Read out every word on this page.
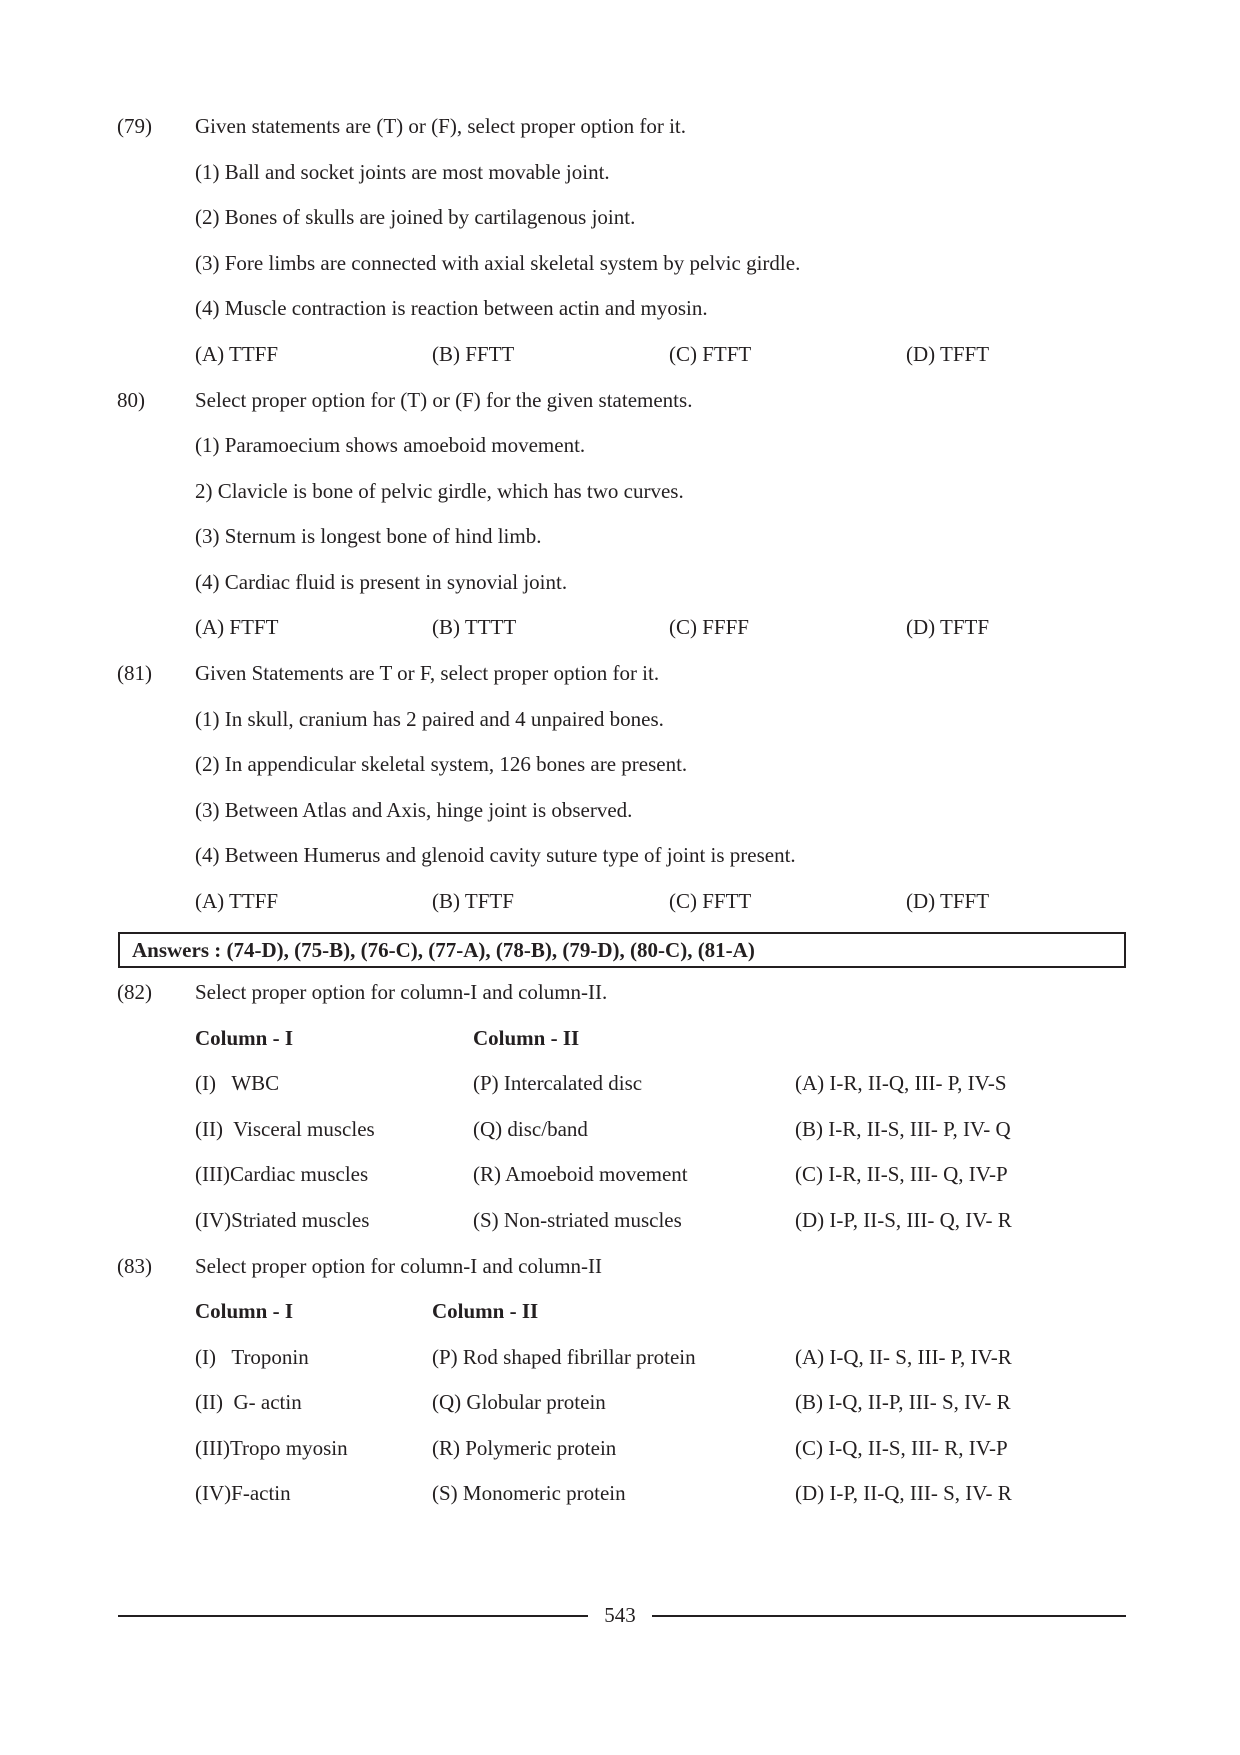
(79) Given statements are (T) or (F), select proper option for it.
(1) Ball and socket joints are most movable joint.
(2) Bones of skulls are joined by cartilagenous joint.
(3) Fore limbs are connected with axial skeletal system by pelvic girdle.
(4) Muscle contraction is reaction between actin and myosin.
(A) TTFF	(B) FFTT	(C) FTFT	(D) TFFT
80) Select proper option for (T) or (F) for the given statements.
(1) Paramoecium shows amoeboid movement.
2) Clavicle is bone of pelvic girdle, which has two curves.
(3) Sternum is longest bone of hind limb.
(4) Cardiac fluid is present in synovial joint.
(A) FTFT	(B) TTTT	(C) FFFF	(D) TFTF
(81) Given Statements are T or F, select proper option for it.
(1) In skull, cranium has 2 paired and 4 unpaired bones.
(2) In appendicular skeletal system, 126 bones are present.
(3) Between Atlas and Axis, hinge joint is observed.
(4) Between Humerus and glenoid cavity suture type of joint is present.
(A) TTFF	(B) TFTF	(C) FFTT	(D) TFFT
Answers : (74-D), (75-B), (76-C), (77-A), (78-B), (79-D), (80-C), (81-A)
(82) Select proper option for column-I and column-II.
Column - I	Column - II
(I)   WBC	(P) Intercalated disc	(A) I-R, II-Q, III- P, IV-S
(II)  Visceral muscles	(Q) disc/band	(B) I-R, II-S, III- P, IV- Q
(III)Cardiac muscles	(R) Amoeboid movement	(C) I-R, II-S, III- Q, IV-P
(IV)Striated muscles	(S) Non-striated muscles	(D) I-P, II-S, III- Q, IV- R
(83) Select proper option for column-I and column-II
Column - I	Column - II
(I)   Troponin	(P) Rod shaped fibrillar protein	(A) I-Q, II- S, III- P, IV-R
(II)  G- actin	(Q) Globular protein	(B) I-Q, II-P, III- S, IV- R
(III)Tropo myosin	(R) Polymeric protein	(C) I-Q, II-S, III- R, IV-P
(IV)F-actin	(S) Monomeric protein	(D) I-P, II-Q, III- S, IV- R
543
